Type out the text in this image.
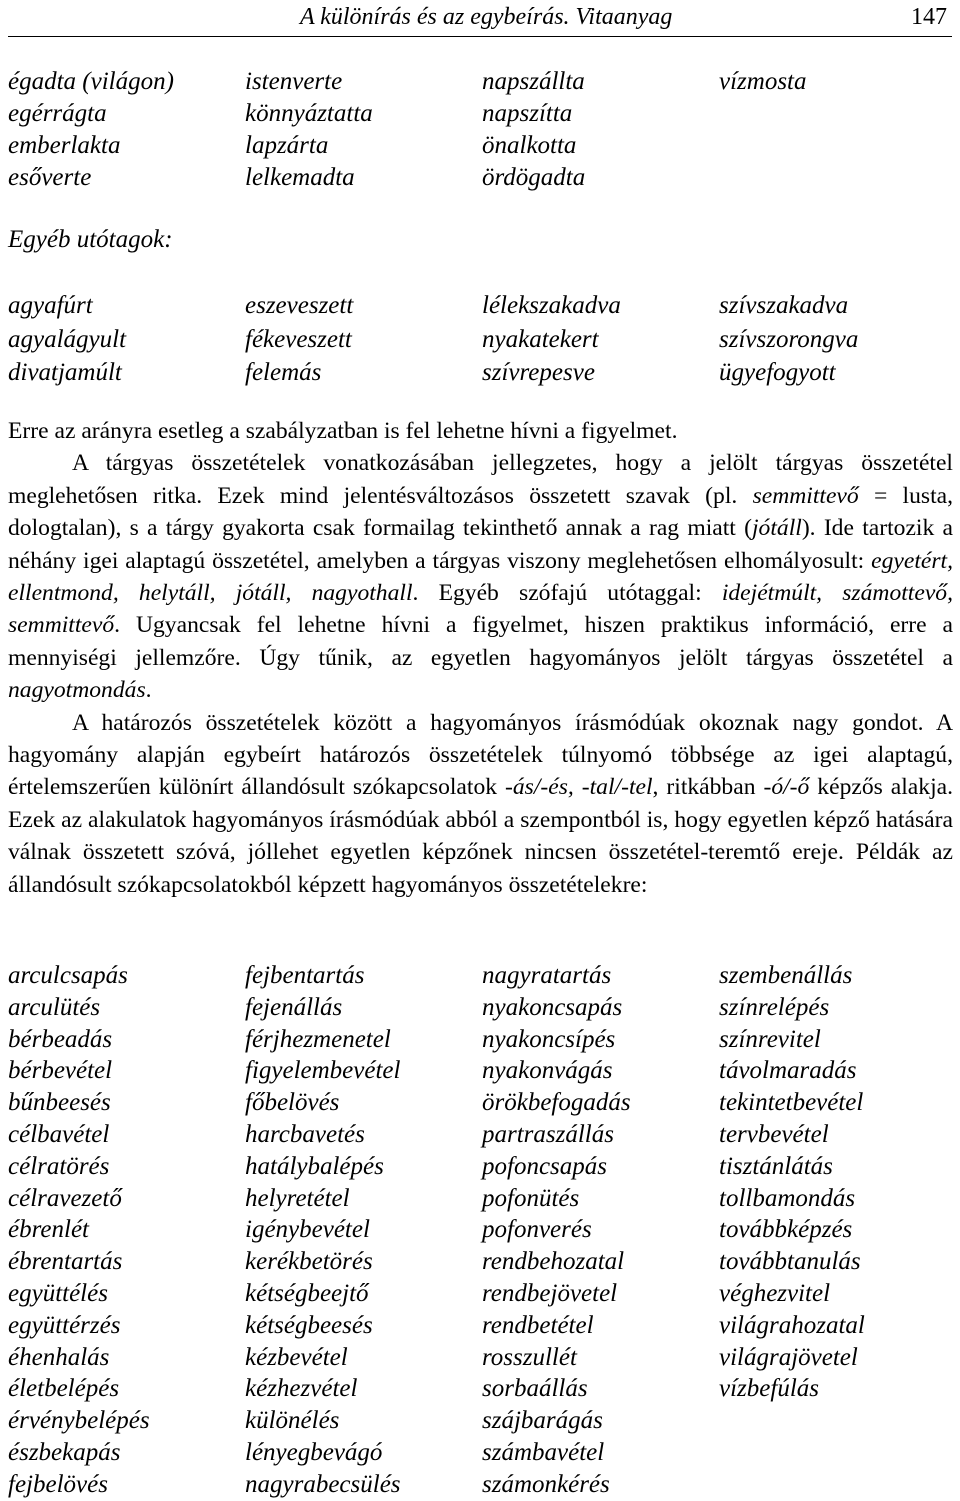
A különírás és az egybeírás. Vitaanyag	147
égadta (világon)	istenverte	napszállta	vízmosta
egérrágta	könnyáztatta	napszítta
emberlakta	lapzárta	önalkotta
esőverte	lelkemadta	ördögadta
Egyéb utótagok:
agyafúrt	eszeveszett	lélekszakadva	szívszakadva
agyalágyult	fékeveszett	nyakatekert	szívszorongva
divatjamúlt	felemás	szívrepesve	ügyefogyott

Erre az arányra esetleg a szabályzatban is fel lehetne hívni a figyelmet.

A tárgyas összetételek vonatkozásában jellegzetes, hogy a jelölt tárgyas összetétel meglehetősen ritka. Ezek mind jelentésváltozásos összetett szavak (pl. semmittevő = lusta, dologtalan), s a tárgy gyakorta csak formailag tekinthető annak a rag miatt (jótáll). Ide tartozik a néhány igei alaptagú összetétel, amelyben a tárgyas viszony meglehetősen elhomályosult: egyetért, ellentmond, helytáll, jótáll, nagyothall. Egyéb szófajú utótaggal: idejétmúlt, számottevő, semmittevő. Ugyancsak fel lehetne hívni a figyelmet, hiszen praktikus információ, erre a mennyiségi jellemzőre. Úgy tűnik, az egyetlen hagyományos jelölt tárgyas összetétel a nagyotmondás.

A határozós összetételek között a hagyományos írásmódúak okoznak nagy gondot. A hagyomány alapján egybeírt határozós összetételek túlnyomó többsége az igei alaptagú, értelemszerűen különírt állandósult szókapcsolatok -ás/-és, -tal/-tel, ritkábban -ó/-ő képzős alakja. Ezek az alakulatok hagyományos írásmódúak abból a szempontból is, hogy egyetlen képző hatására válnak összetett szóvá, jóllehet egyetlen képzőnek nincsen összetétel-teremtő ereje. Példák az állandósult szókapcsolatokból képzett hagyományos összetételekre:

arculcsapás	fejbentartás	nagyratartás	szembenállás
arculütés	fejenállás	nyakoncsapás	színrelépés
bérbeadás	férjhezmenetel	nyakoncsípés	színrevitel
bérbevétel	figyelembevétel	nyakonvágás	távolmaradás
bűnbeesés	főbelövés	örökbefogadás	tekintetbevétel
célbavétel	harcbavetés	partraszállás	tervbevétel
célratörés	hatálybalépés	pofoncsapás	tisztánlátás
célravezető	helyretétel	pofonütés	tollbamondás
ébrenlét	igénybevétel	pofonverés	továbbképzés
ébrentartás	kerékbetörés	rendbehozatal	továbbtanulás
együttélés	kétségbeejtő	rendbejövetel	véghezvitel
együttérzés	kétségbeesés	rendbetétel	világrahozatal
éhenhalás	kézbevétel	rosszullét	világrajövetel
életbelépés	kézhezvétel	sorbaállás	vízbefúlás
érvénybelépés	különélés	szájbarágás
észbekapás	lényegbevágó	számbavétel
fejbelövés	nagyrabecsülés	számonkérés
